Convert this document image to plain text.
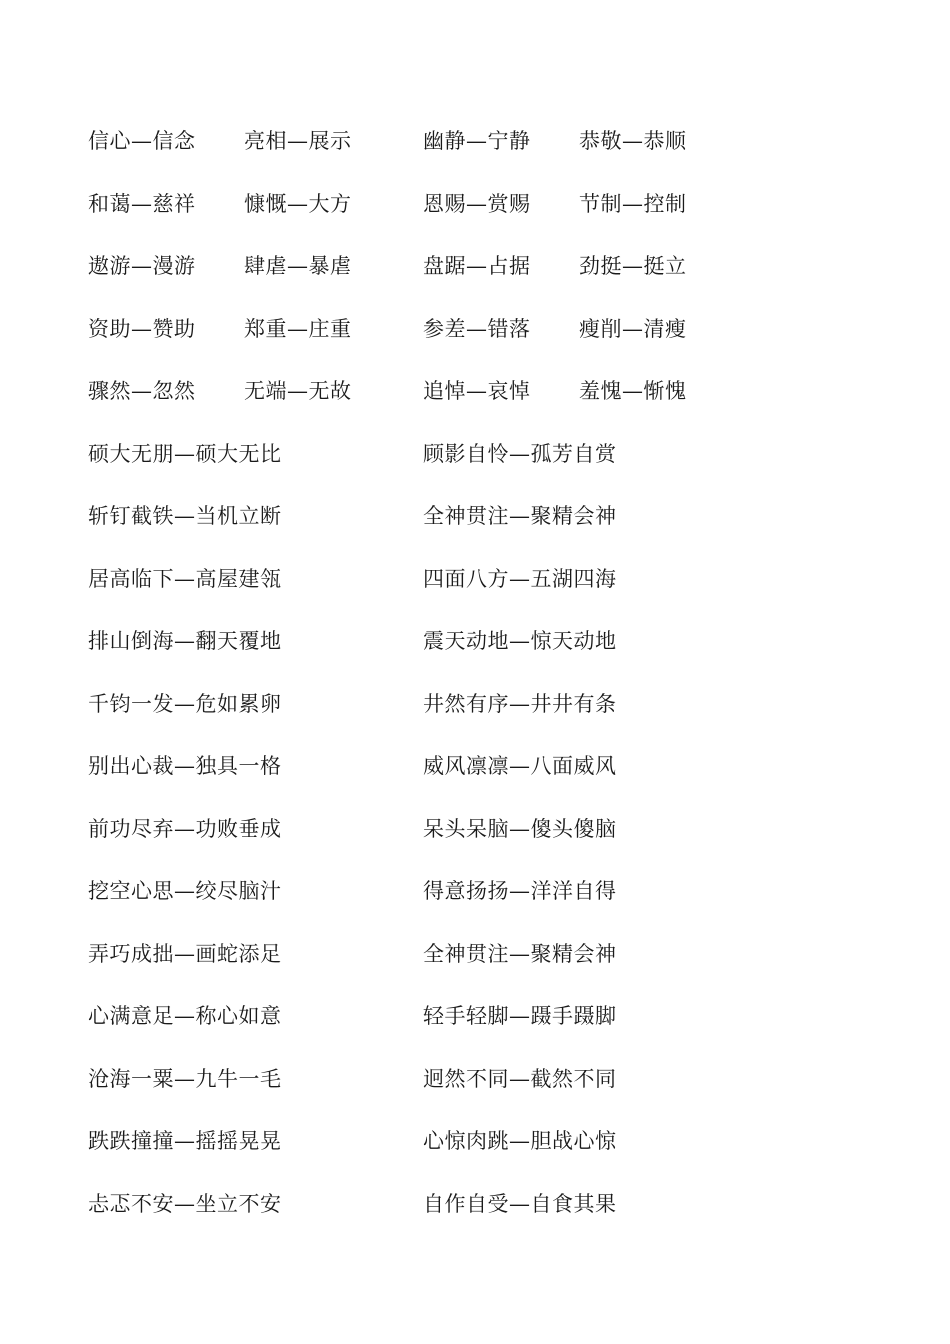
信心—信念 亮相—展示	幽静—宁静 恭敬—恭顺
和蔼—慈祥 慷慨—大方	恩赐—赏赐 节制—控制
遨游—漫游 肆虐—暴虐	盘踞—占据 劲挺—挺立
资助—赞助 郑重—庄重	参差—错落 瘦削—清瘦
骤然—忽然 无端—无故	追悼—哀悼 羞愧—惭愧
硕大无朋—硕大无比	顾影自怜—孤芳自赏
斩钉截铁—当机立断	全神贯注—聚精会神
居高临下—高屋建瓴	四面八方—五湖四海
排山倒海—翻天覆地	震天动地—惊天动地
千钧一发—危如累卵	井然有序—井井有条
别出心裁—独具一格	威风凛凛—八面威风
前功尽弃—功败垂成	呆头呆脑—傻头傻脑
挖空心思—绞尽脑汁	得意扬扬—洋洋自得
弄巧成拙—画蛇添足	全神贯注—聚精会神
心满意足—称心如意	轻手轻脚—蹑手蹑脚
沧海一粟—九牛一毛	迥然不同—截然不同
跌跌撞撞—摇摇晃晃	心惊肉跳—胆战心惊
忐忑不安—坐立不安	自作自受—自食其果
